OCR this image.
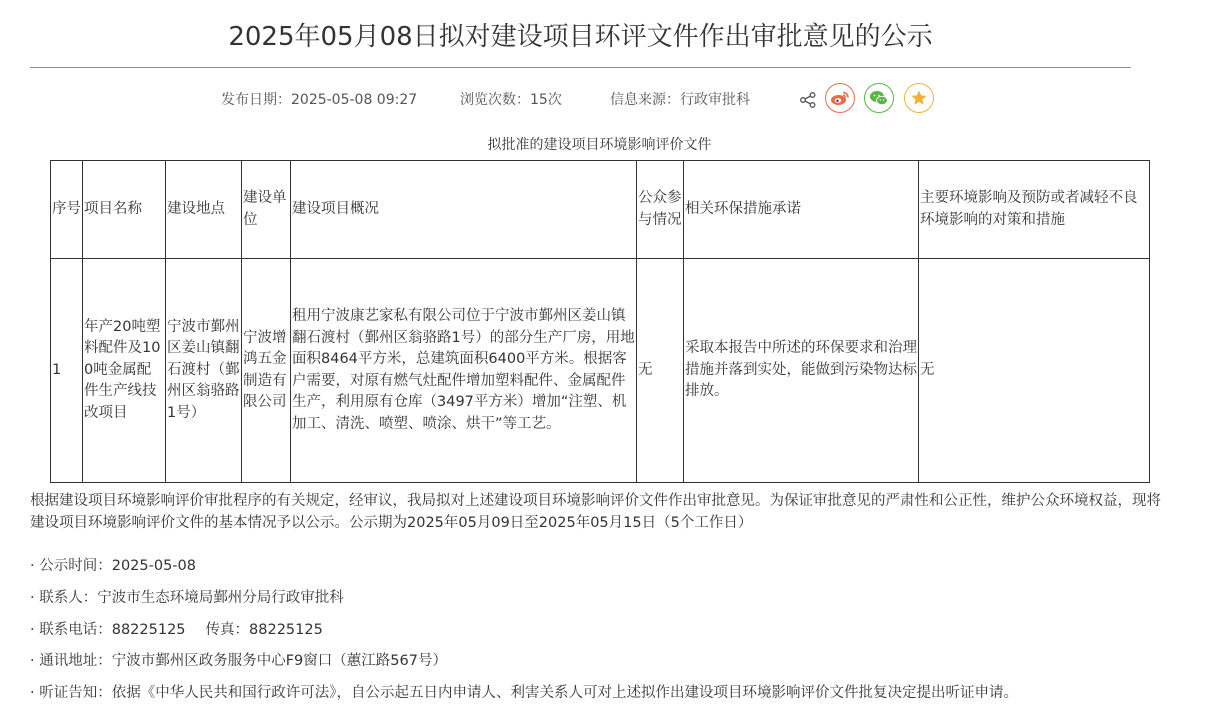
2025年05月08日拟对建设项目环评文件作出审批意见的公示
发布日期：2025-05-08 09:27	浏览次数：15次	信息来源：行政审批科
拟批准的建设项目环境影响评价文件
序号	项目名称	建设地点	建设单位	建设项目概况	公众参与情况	相关环保措施承诺	主要环境影响及预防或者减轻不良环境影响的对策和措施
1	年产20吨塑料配件及100吨金属配件生产线技改项目	宁波市鄞州区姜山镇翻石渡村（鄞州区翁骆路1号）	宁波增鸿五金制造有限公司	租用宁波康艺家私有限公司位于宁波市鄞州区姜山镇翻石渡村（鄞州区翁骆路1号）的部分生产厂房，用地面积8464平方米，总建筑面积6400平方米。根据客户需要，对原有燃气灶配件增加塑料配件、金属配件生产，利用原有仓库（3497平方米）增加“注塑、机加工、清洗、喷塑、喷涂、烘干”等工艺。	无	采取本报告中所述的环保要求和治理措施并落到实处，能做到污染物达标排放。	无

根据建设项目环境影响评价审批程序的有关规定，经审议，我局拟对上述建设项目环境影响评价文件作出审批意见。为保证审批意见的严肃性和公正性，维护公众环境权益，现将建设项目环境影响评价文件的基本情况予以公示。公示期为2025年05月09日至2025年05月15日（5个工作日）

· 公示时间：2025-05-08
· 联系人：宁波市生态环境局鄞州分局行政审批科
· 联系电话：88225125 传真：88225125
· 通讯地址：宁波市鄞州区政务服务中心F9窗口（蕙江路567号）
· 听证告知：依据《中华人民共和国行政许可法》，自公示起五日内申请人、利害关系人可对上述拟作出建设项目环境影响评价文件批复决定提出听证申请。
